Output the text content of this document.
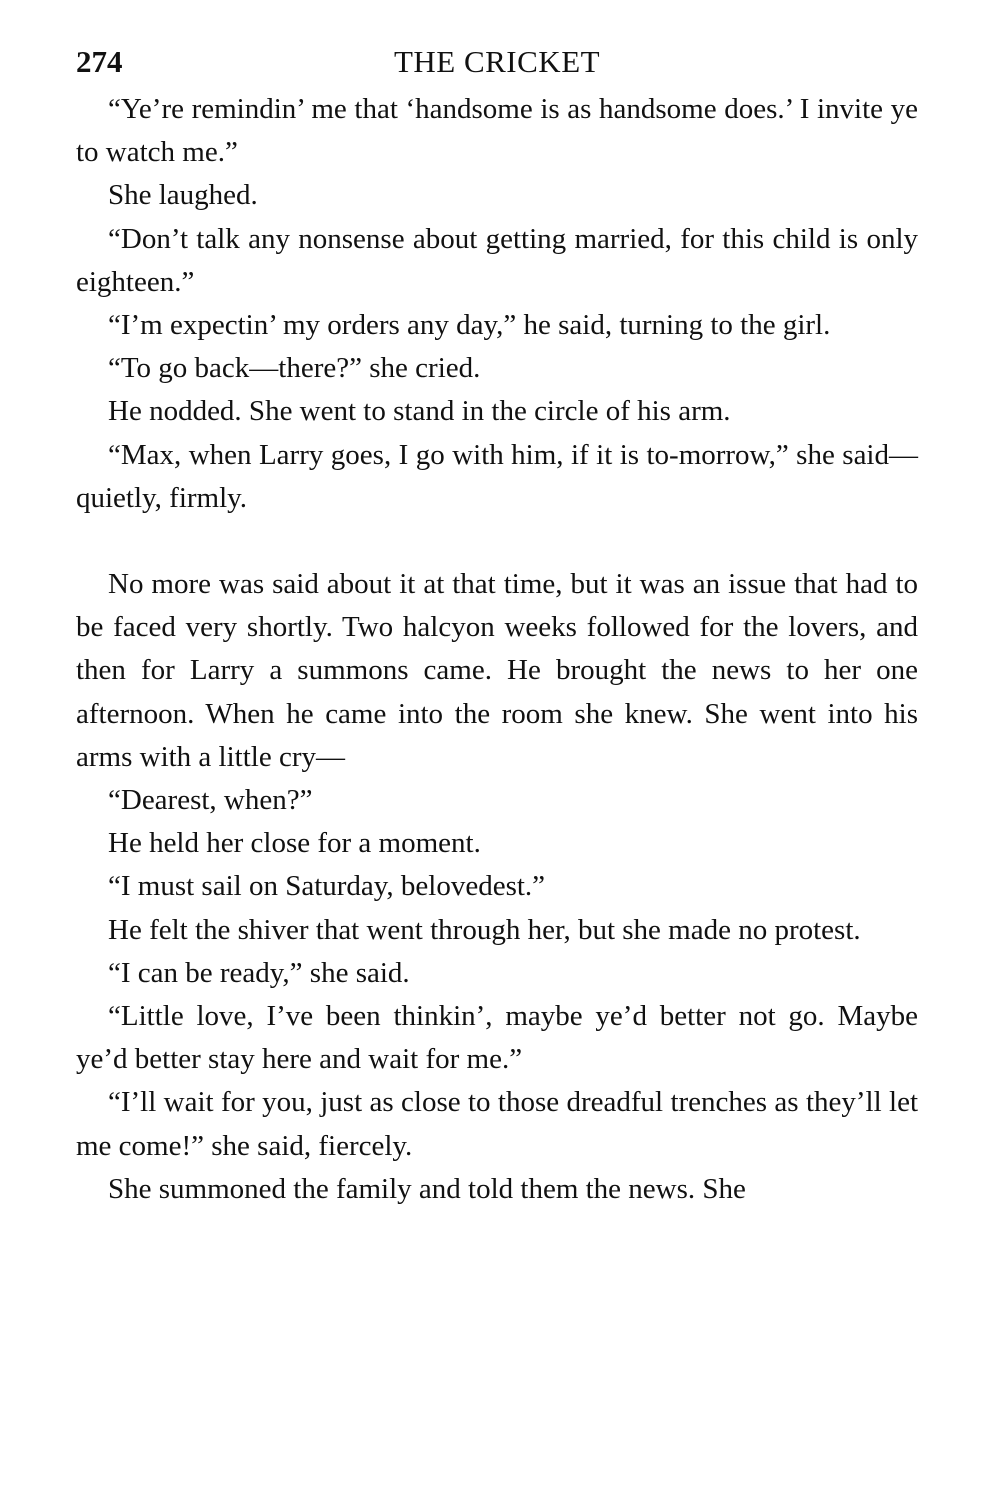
274	THE CRICKET

“Ye’re remindin’ me that ‘handsome is as handsome does.’ I invite ye to watch me.”

She laughed.

“Don’t talk any nonsense about getting married, for this child is only eighteen.”

“I’m expectin’ my orders any day,” he said, turning to the girl.

“To go back—there?” she cried.

He nodded. She went to stand in the circle of his arm.

“Max, when Larry goes, I go with him, if it is to-morrow,” she said—quietly, firmly.

No more was said about it at that time, but it was an issue that had to be faced very shortly. Two halcyon weeks followed for the lovers, and then for Larry a summons came. He brought the news to her one afternoon. When he came into the room she knew. She went into his arms with a little cry—

“Dearest, when?”

He held her close for a moment.

“I must sail on Saturday, belovedest.”

He felt the shiver that went through her, but she made no protest.

“I can be ready,” she said.

“Little love, I’ve been thinkin’, maybe ye’d better not go. Maybe ye’d better stay here and wait for me.”

“I’ll wait for you, just as close to those dreadful trenches as they’ll let me come!” she said, fiercely.

She summoned the family and told them the news. She
